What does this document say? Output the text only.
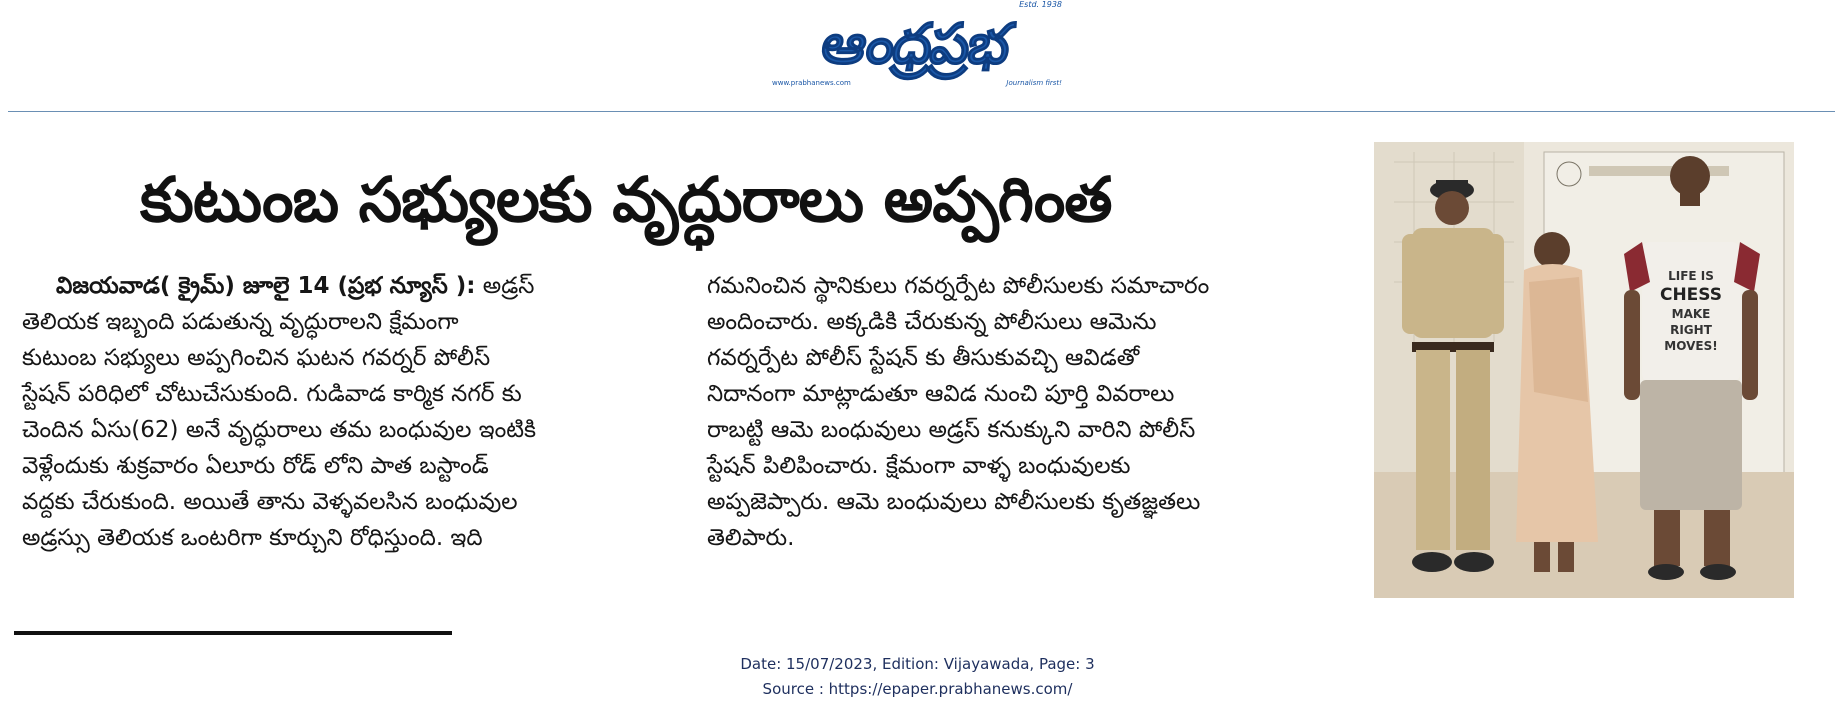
Estd. 1938
ఆంధ్రప్రభ
www.prabhanews.com	Journalism first!
కుటుంబ సభ్యులకు వృద్ధురాలు అప్పగింత
విజయవాడ( క్రైమ్) జూలై 14 (ప్రభ న్యూస్ ): అడ్రస్
తెలియక ఇబ్బంది పడుతున్న వృద్ధురాలని క్షేమంగా
కుటుంబ సభ్యులు అప్పగించిన ఘటన గవర్నర్ పోలీస్
స్టేషన్ పరిధిలో చోటుచేసుకుంది. గుడివాడ కార్మిక నగర్ కు
చెందిన ఏసు(62) అనే వృద్ధురాలు తమ బంధువుల ఇంటికి
వెళ్లేందుకు శుక్రవారం ఏలూరు రోడ్ లోని పాత బస్టాండ్
వద్దకు చేరుకుంది. అయితే తాను వెళ్ళవలసిన బంధువుల
అడ్రస్సు తెలియక ఒంటరిగా కూర్చుని రోధిస్తుంది. ఇది
గమనించిన స్థానికులు గవర్నర్పేట పోలీసులకు సమాచారం
అందించారు. అక్కడికి చేరుకున్న పోలీసులు ఆమెను
గవర్నర్పేట పోలీస్ స్టేషన్ కు తీసుకువచ్చి ఆవిడతో
నిదానంగా మాట్లాడుతూ ఆవిడ నుంచి పూర్తి వివరాలు
రాబట్టి ఆమె బంధువులు అడ్రస్ కనుక్కుని వారిని పోలీస్
స్టేషన్ పిలిపించారు. క్షేమంగా వాళ్ళ బంధువులకు
అప్పజెప్పారు. ఆమె బంధువులు పోలీసులకు కృతజ్ఞతలు
తెలిపారు.
LIFE IS
CHESS
MAKE
RIGHT
MOVES!
Date: 15/07/2023, Edition: Vijayawada, Page: 3
Source : https://epaper.prabhanews.com/
